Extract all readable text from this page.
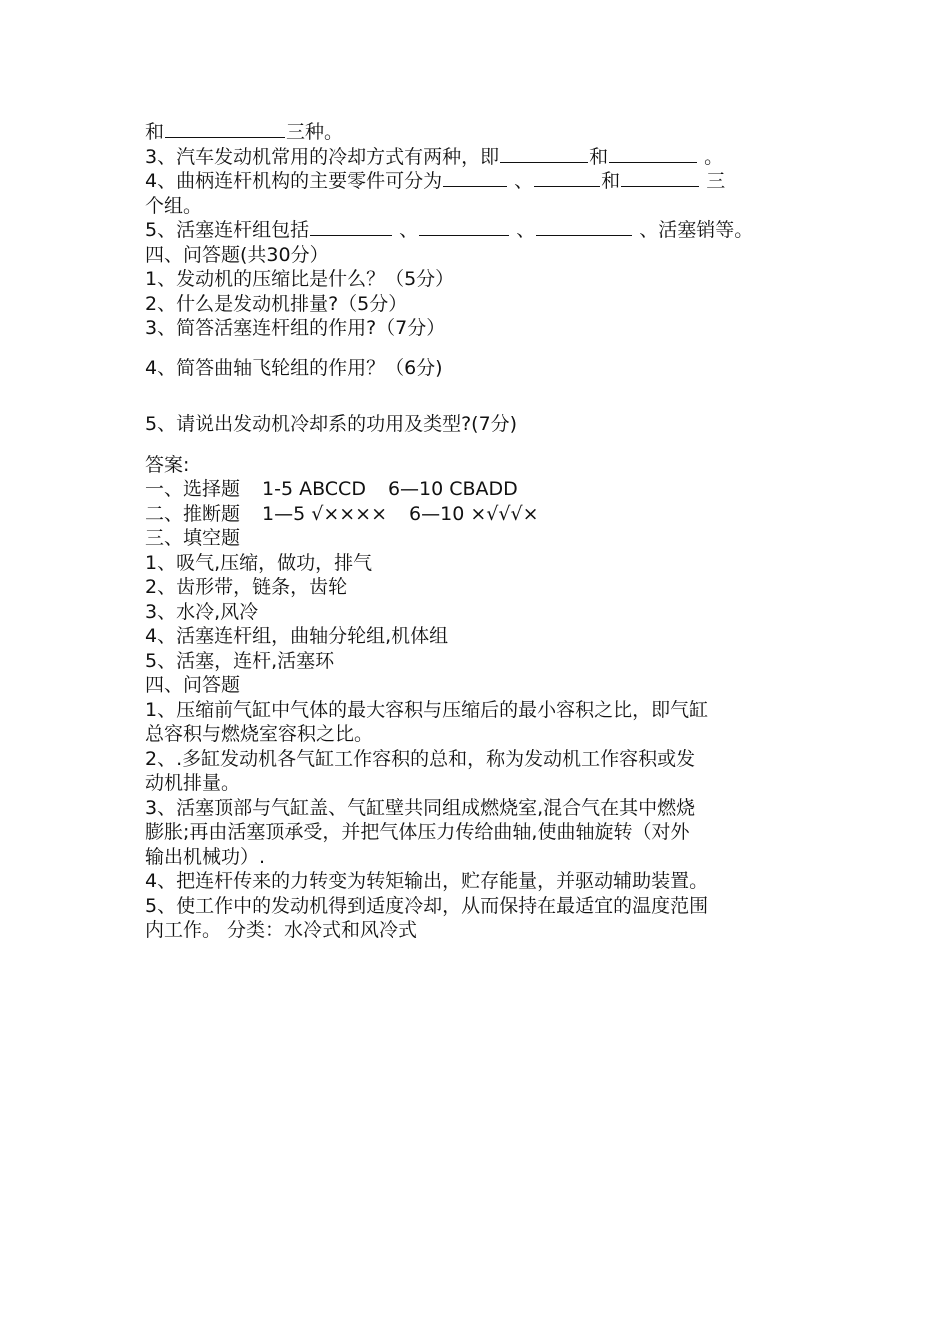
和	三种。
3、汽车发动机常用的冷却方式有两种，即	和	。
4、曲柄连杆机构的主要零件可分为	、	和	三
个组。
5、活塞连杆组包括	、	、	、活塞销等。
四、问答题(共30分）
1、发动机的压缩比是什么？（5分）
2、什么是发动机排量?（5分）
3、简答活塞连杆组的作用?（7分）
4、简答曲轴飞轮组的作用？（6分)
5、请说出发动机冷却系的功用及类型?(7分)
答案:
一、选择题 1-5 ABCCD 6—10 CBADD
二、推断题 1—5 √×××× 6—10 ×√√√×
三、填空题
1、吸气,压缩，做功，排气
2、齿形带，链条，齿轮
3、水冷,风冷
4、活塞连杆组，曲轴分轮组,机体组
5、活塞，连杆,活塞环
四、问答题
1、压缩前气缸中气体的最大容积与压缩后的最小容积之比，即气缸
总容积与燃烧室容积之比。
2、.多缸发动机各气缸工作容积的总和，称为发动机工作容积或发
动机排量。
3、活塞顶部与气缸盖、气缸壁共同组成燃烧室,混合气在其中燃烧
膨胀;再由活塞顶承受，并把气体压力传给曲轴,使曲轴旋转（对外
输出机械功）.
4、把连杆传来的力转变为转矩输出，贮存能量，并驱动辅助装置。
5、使工作中的发动机得到适度冷却，从而保持在最适宜的温度范围
内工作。 分类：水冷式和风冷式
